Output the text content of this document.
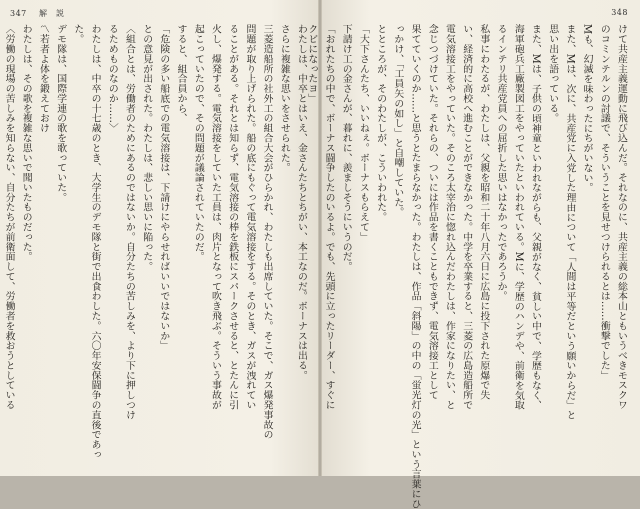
347 解　説
わたしは、中卒とはいえ、金さんたちとちがい、本工なのだ。ボーナスは出る。
さらに複雑な思いをさせられた。
三菱造船所の社外工の組合大会がひらかれ、わたしも出席していた。そこで、ガス爆発事故の
問題が取り上げられた。船の底にもぐって電気溶接をする。そのとき、ガスが洩れてい
ることがある。それとは知らず、電気溶接の棒を鉄板にスパークさせると、とたんに引
火し、爆発する。電気溶接をしていた工員は、肉片となって吹き飛ぶ。そういう事故が
起こっていたので、その問題が議論されていたのだ。
すると、組合員から、
「危険の多い船底での電気溶接は、下請けにやらせればいいではないか」
との意見が出された。わたしは、悲しい思いに陥った。
〈組合とは、労働者のためにあるのではないか。自分たちの苦しみを、より下に押しつけ
るためものなのか……〉
わたしは、中卒の十七歳のとき、大学生のデモ隊と街で出食わした。六〇年安保闘争の直後であっ
た。
デモ隊は、国際学連の歌を歌っていた。
〽若者よ体を鍛えておけ
わたしは、その歌を複雑な思いで聞いたものだった。
〈労働の現場の苦しみを知らない、自分たちが前衛面して、労働者を救おうとしている
348
けて共産主義運動に飛び込んだ。それなのに、共産主義の総本山ともいうべきモスクワ
のコミンテルンの討議で、そういうことを見せつけられるとは……衝撃でした」
Mも、幻滅を味わったにちがいない。
また、Mは、次に、共産党に入党した理由について「人間は平等だという願いからだ」と
思い出を語っている。
また、Mは、子供の頃神童といわれながらも、父親がなく、貧しい中で、学歴もなく、
海軍砲兵工廠製図工をやっていたといわれている。Mに、学歴のハンデや、前衛を気取
るインテリ共産党員への屈折した思いはなかったであろうか。
私事にわたるが、わたしは、父親を昭和二十年八月六日に広島に投下された原爆で失
い、経済的に高校へ進むことができなかった。中学を卒業すると、三菱の広島造船所で
電気溶接工をやっていた。そのころ太宰治に惚れ込んだわたしは、作家になりたい、と
念じつづけていた。それらの、ついには作品を書くこともできず、電気溶接工として
果てていくのか……と思うとたまらなかった。わたしは、作品「斜陽」の中の「蛍光灯の光」という言葉にひ
っかけ、「工員矢の如し」と自嘲していた。
とところが、そのわたしが、こういわれた。
「大下さんたち、いいねぇ。ボーナスもらえて」
下請け工の金さんが、暮れに、羨ましそうにいうのだ。
「おれたちの中で、ボーナス闘争したのいるよ。でも、先頭に立ったリーダー、すぐに
クビになったヨ」
